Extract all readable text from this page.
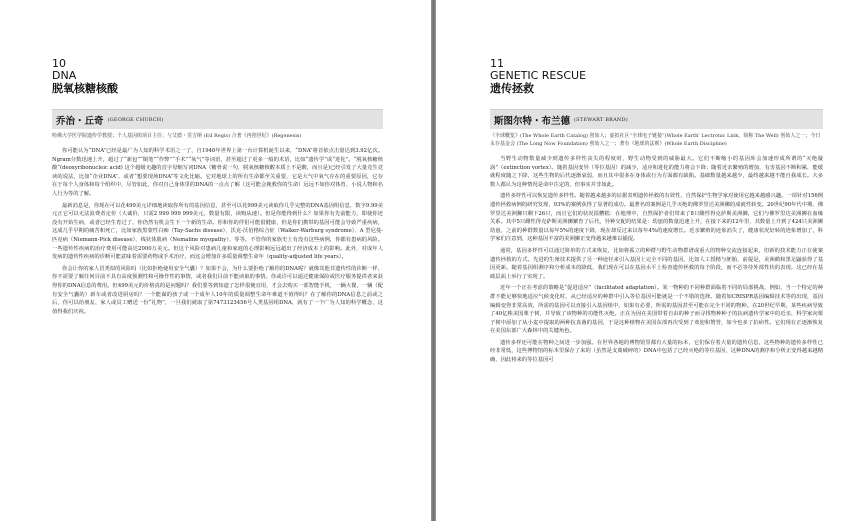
10
DNA
脱氧核糖核酸
乔治・丘奇 (GEORGE CHURCH)
哈佛大学医学院遗传学教授；个人基因组项目主任；与艾德・里吉斯 (Ed Regis) 合著《再创世纪》(Regenesis)

你可能认为“DNA”已经是最广为人知的科学术语之一了，自1946年世界上第一台计算机诞生以来，“DNA”将首依点击量达到3.92亿次。Ngram分数迅速上升，超过了“新包”“铜笔”“作弊”“手术”“氧气”等词语，甚至超过了更多一般的术语，比如“遗传学”或“进化”。“脱氧核糖核酸”(deoxyribonucleic acid) 这个超级无趣的首字母缩写词DNA（糖骨说一句，脱氧核糖核酸本质上不是酸，而且是)已经引发了大量竞生竞读的说法，比如“企业DNA”，或者“想要现场DNA”等文化比喻。它对地球上的所有生命都至关重要，它是大气中氧气存在的重要原因，它存在于每个人身体和每个组织中，尽管如此，你对自己身体里的DNA的一点点了解（这可能会挽救你的生命）远远不如你对体育、小说人物和名人行为等的了解。

最新消息是，你现在可以花499美元详细地读取你所有的基因信息，甚至可以花999美元读取你几乎完整的DNA基因组信息，数字9.99美元正它可以无法浪费者定价（大诚价，只需2 999 999 999美元，数量有限，读购从速）。但是你能得到什么？如果你有先前能力，即使你还没有开始生病，或者已经生育过了，你仍然有机会生下一个新的生命。你和你的伴侣可能很健康，但是你们携带的基因可能会导致严重疾病，这成几乎早期的痛苦和死亡，比如家族黑蒙性白痴（Tay-Sachs disease）、沃克-沃伯格综合征（Walker-Warburg syndrome）、A 型尼曼-匹克病（Niemann-Pick disease）、线状体肌病（Nemaline myopathy）、等等。不管你的家族史上有没有这些病例，你都有患病的风险。一些遗传性疾病的治疗费用可能高达2000万美元。但这个风险对患病儿童和家庭的心理影响远远超出了经济成本上的影响。此外，对成年人发病的遗传性疾病的诊断可能意味着需要药物或手术治疗，而这会增加许多质量调整生命年（quality-adjusted life years）。

你会让你的家人冒类似的风险吗（比如拒绝使用安全气囊）？如果不会，为什么要拒绝了解你的DNA呢？就像其他非遗传性的诊断一样，你不需要了解任何目前不具有高度预测性和可操作性的事情，或者我们目前不能读取的事情。你或许可以通过健康保险或医疗服务提供者来获得你的DNA信息的费用。但499美元的价格真的是问题吗？我们要等到知道了怎样很便宜用，才会去购买一部智能手机，一辆大餐，一辆（配有安全气囊的）新车或者改进厨房吗？一个能谋的孩子或一个成年人10年的质量调整生命年难道不值得吗？在了解你的DNA信息之前或之后，你可以给朋友、家人或员工赠送一份“礼物”，一旦我们就取了第7473123456号人类基因组DNA，就有了一个广为人知的科学概念，这值得我们庆祝。

11
GENETIC RESCUE
遗传拯救
斯图尔特・布兰德 (STEWART BRAND)
《全球概览》(The Whole Earth Catalog) 创始人；虚拟社区“全球电子链接”(Whole Earth' Lectronic Link，简称 The Well) 创始人之一；今日永存基金会 (The Long Now Foundation) 创始人之一；著有《地球的法则》(Whole Earth Discipline)

当野生动物数量减少到遗传多样性丧失的程度时，野生动物受到的威胁最大。它们不断缩小的基因库会加速形成所谓的“灭绝漩涡”（extinction vortex）。随着基因变异（等位基因）的减少，适应和进化的能力将会下降；随着近亲繁殖的增加，有害基因不断积累，能缓就程度随之下降，这些生物的后代逐渐衰弱，而且其中很多在身体或行为方面都有缺陷。基础数量越来越少，最终越来越不能自我成长。大多数人都认为这种情况是命中注定的，但事实并非如此。

遗传多样性可以恢复遗传多样性。随着越来越多的证据表明遗传拯救的有效性，自然保护生物学家对使用它越来越感兴趣。一项针对156例遗传拯救病例的研究发现，93%的案例获得了显著的成功。最著名的案例是几乎灭绝的佛罗里达美洲狮的成就性转变。20世纪90年代中期，佛罗里达美洲狮只剩下26只，而且它们的状况很糟糕：在地理中，自然保护者们带来了8只雌性得克萨斯美洲狮，它们与佛罗里达美洲狮在血缘关系。其中5只雌性得克萨斯美洲狮繁育了后代，异种交配的结果是：幼崽的数量迅速上升，在接下来的12年里，其数量上升到了424只美洲狮幼崽，之前的种群数量以每年5%的速度下降，现在却反过来以每年4%的速度增长。近亲繁殖的迹象消失了，健康状况好转的迹象增加了，科学家们注意到，这种基因丰富的美洲狮正变得越来越难以捕捉。

通常，基因多样性可以通过简单的方式来恢复，比如将孤立的种群与野生动物群谱或重大的物种交流连接起来，但新的技术能力正在使案遗传拯救的方式。先进的生殖技术提供了另一种途径来引入基因上完全不同的基因，比如人工授精与胚胎，前提是，美洲鹤和黑足鼬获得了基因更新。随着基因组测序和分析成本的降低，我们现在可以在基因水平上检查遗传拯救的每个阶段，而不必等待外部性状的表现。这已经在基础层面上举行了实现了。

近年一个正在考虑的策略是“促进适应”（facilitated adaptation）。某一物种的不同种群面临着不同的局部挑战，例如，当一个特定的种群不能足够快地适应气候变化时，从已经适应的种群中引入等位基因可能就是一个不错的选择。随着如CRISPR基因编辑技术等的出现，基因编辑变得非常高效，所需的基因可以直接引入基因组中，如果有必要，所需的基因甚至可能在完全不同的物种。在20世纪早期，某些疾病导致了40亿株美国栗子树，并导致了该物种的功能性灭绝。正在为因在美国带着自由的种子而寻找物种种子的抗病遗传学家中的近亲，科学家向栗子树中添加了从小麦中提取的两种抗真菌的基因，于是这种植物在美国东部再次受到了欢迎和赞誉，如今也多了抗病性。它们现在正逐渐恢复在美国东部广大森林中的关键角色。

遗传多样还可能在物种之间进一步加强。在世界各地的博物馆里都有大量的标本，它们保存着大量的遗传信息，这些物种的遗传多样性已经非常低，这些博物馆的标本里保存了来的（虽然是支离破碎的）DNA中包括了已经灭绝的等位基因，这种DNA的测序和分析正变得越来越精确，因此将来的等位基因可
